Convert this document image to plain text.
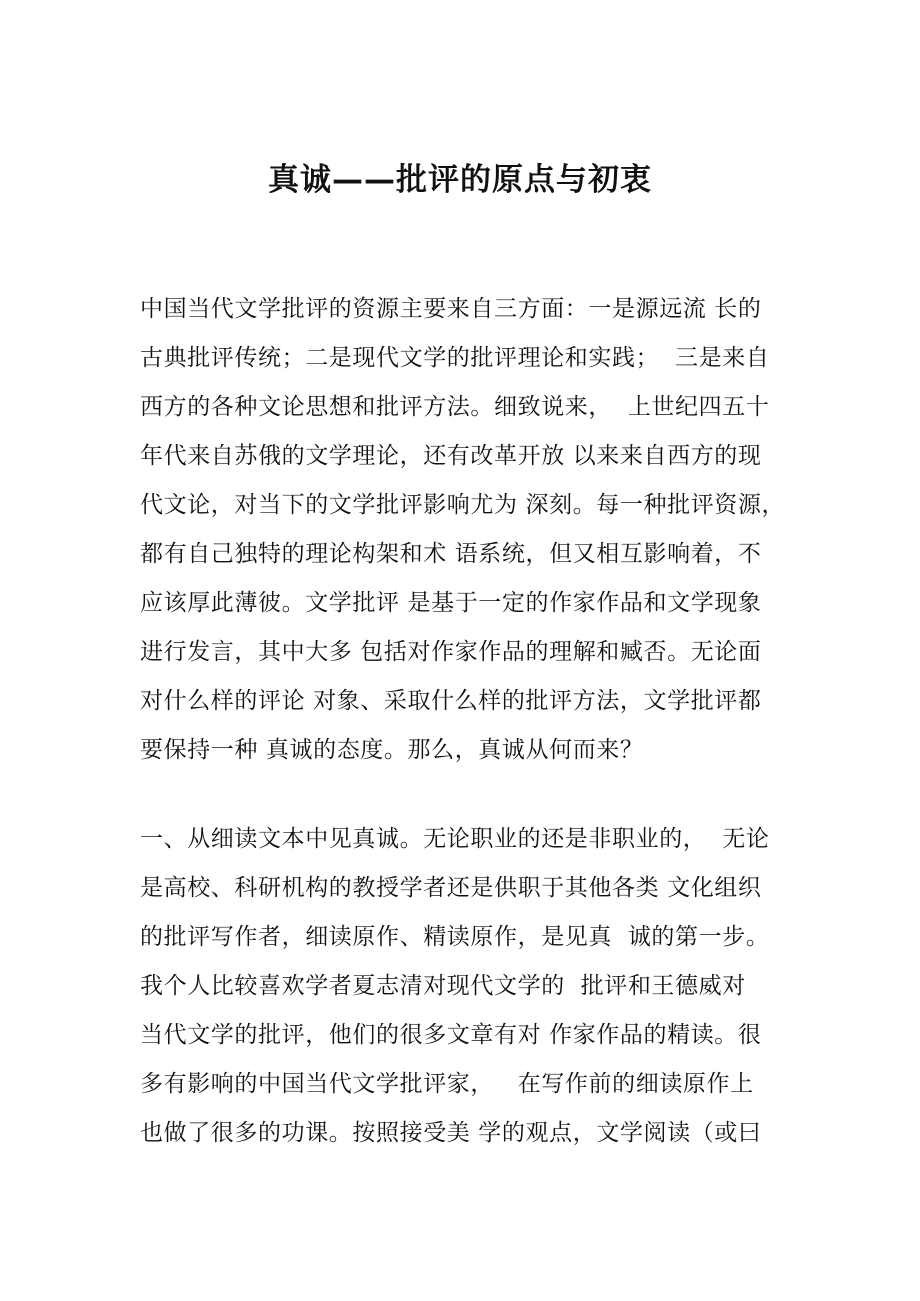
真诚——批评的原点与初衷
中国当代文学批评的资源主要来自三方面：一是源远流 长的
古典批评传统；二是现代文学的批评理论和实践；  三是来自
西方的各种文论思想和批评方法。细致说来，  上世纪四五十
年代来自苏俄的文学理论，还有改革开放 以来来自西方的现
代文论，对当下的文学批评影响尤为 深刻。每一种批评资源，
都有自己独特的理论构架和术 语系统，但又相互影响着，不
应该厚此薄彼。文学批评 是基于一定的作家作品和文学现象
进行发言，其中大多 包括对作家作品的理解和臧否。无论面
对什么样的评论 对象、采取什么样的批评方法，文学批评都
要保持一种 真诚的态度。那么，真诚从何而来？
一、从细读文本中见真诚。无论职业的还是非职业的，  无论
是高校、科研机构的教授学者还是供职于其他各类 文化组织
的批评写作者，细读原作、精读原作，是见真  诚的第一步。
我个人比较喜欢学者夏志清对现代文学的  批评和王德威对
当代文学的批评，他们的很多文章有对 作家作品的精读。很
多有影响的中国当代文学批评家，   在写作前的细读原作上
也做了很多的功课。按照接受美 学的观点，文学阅读（或曰
